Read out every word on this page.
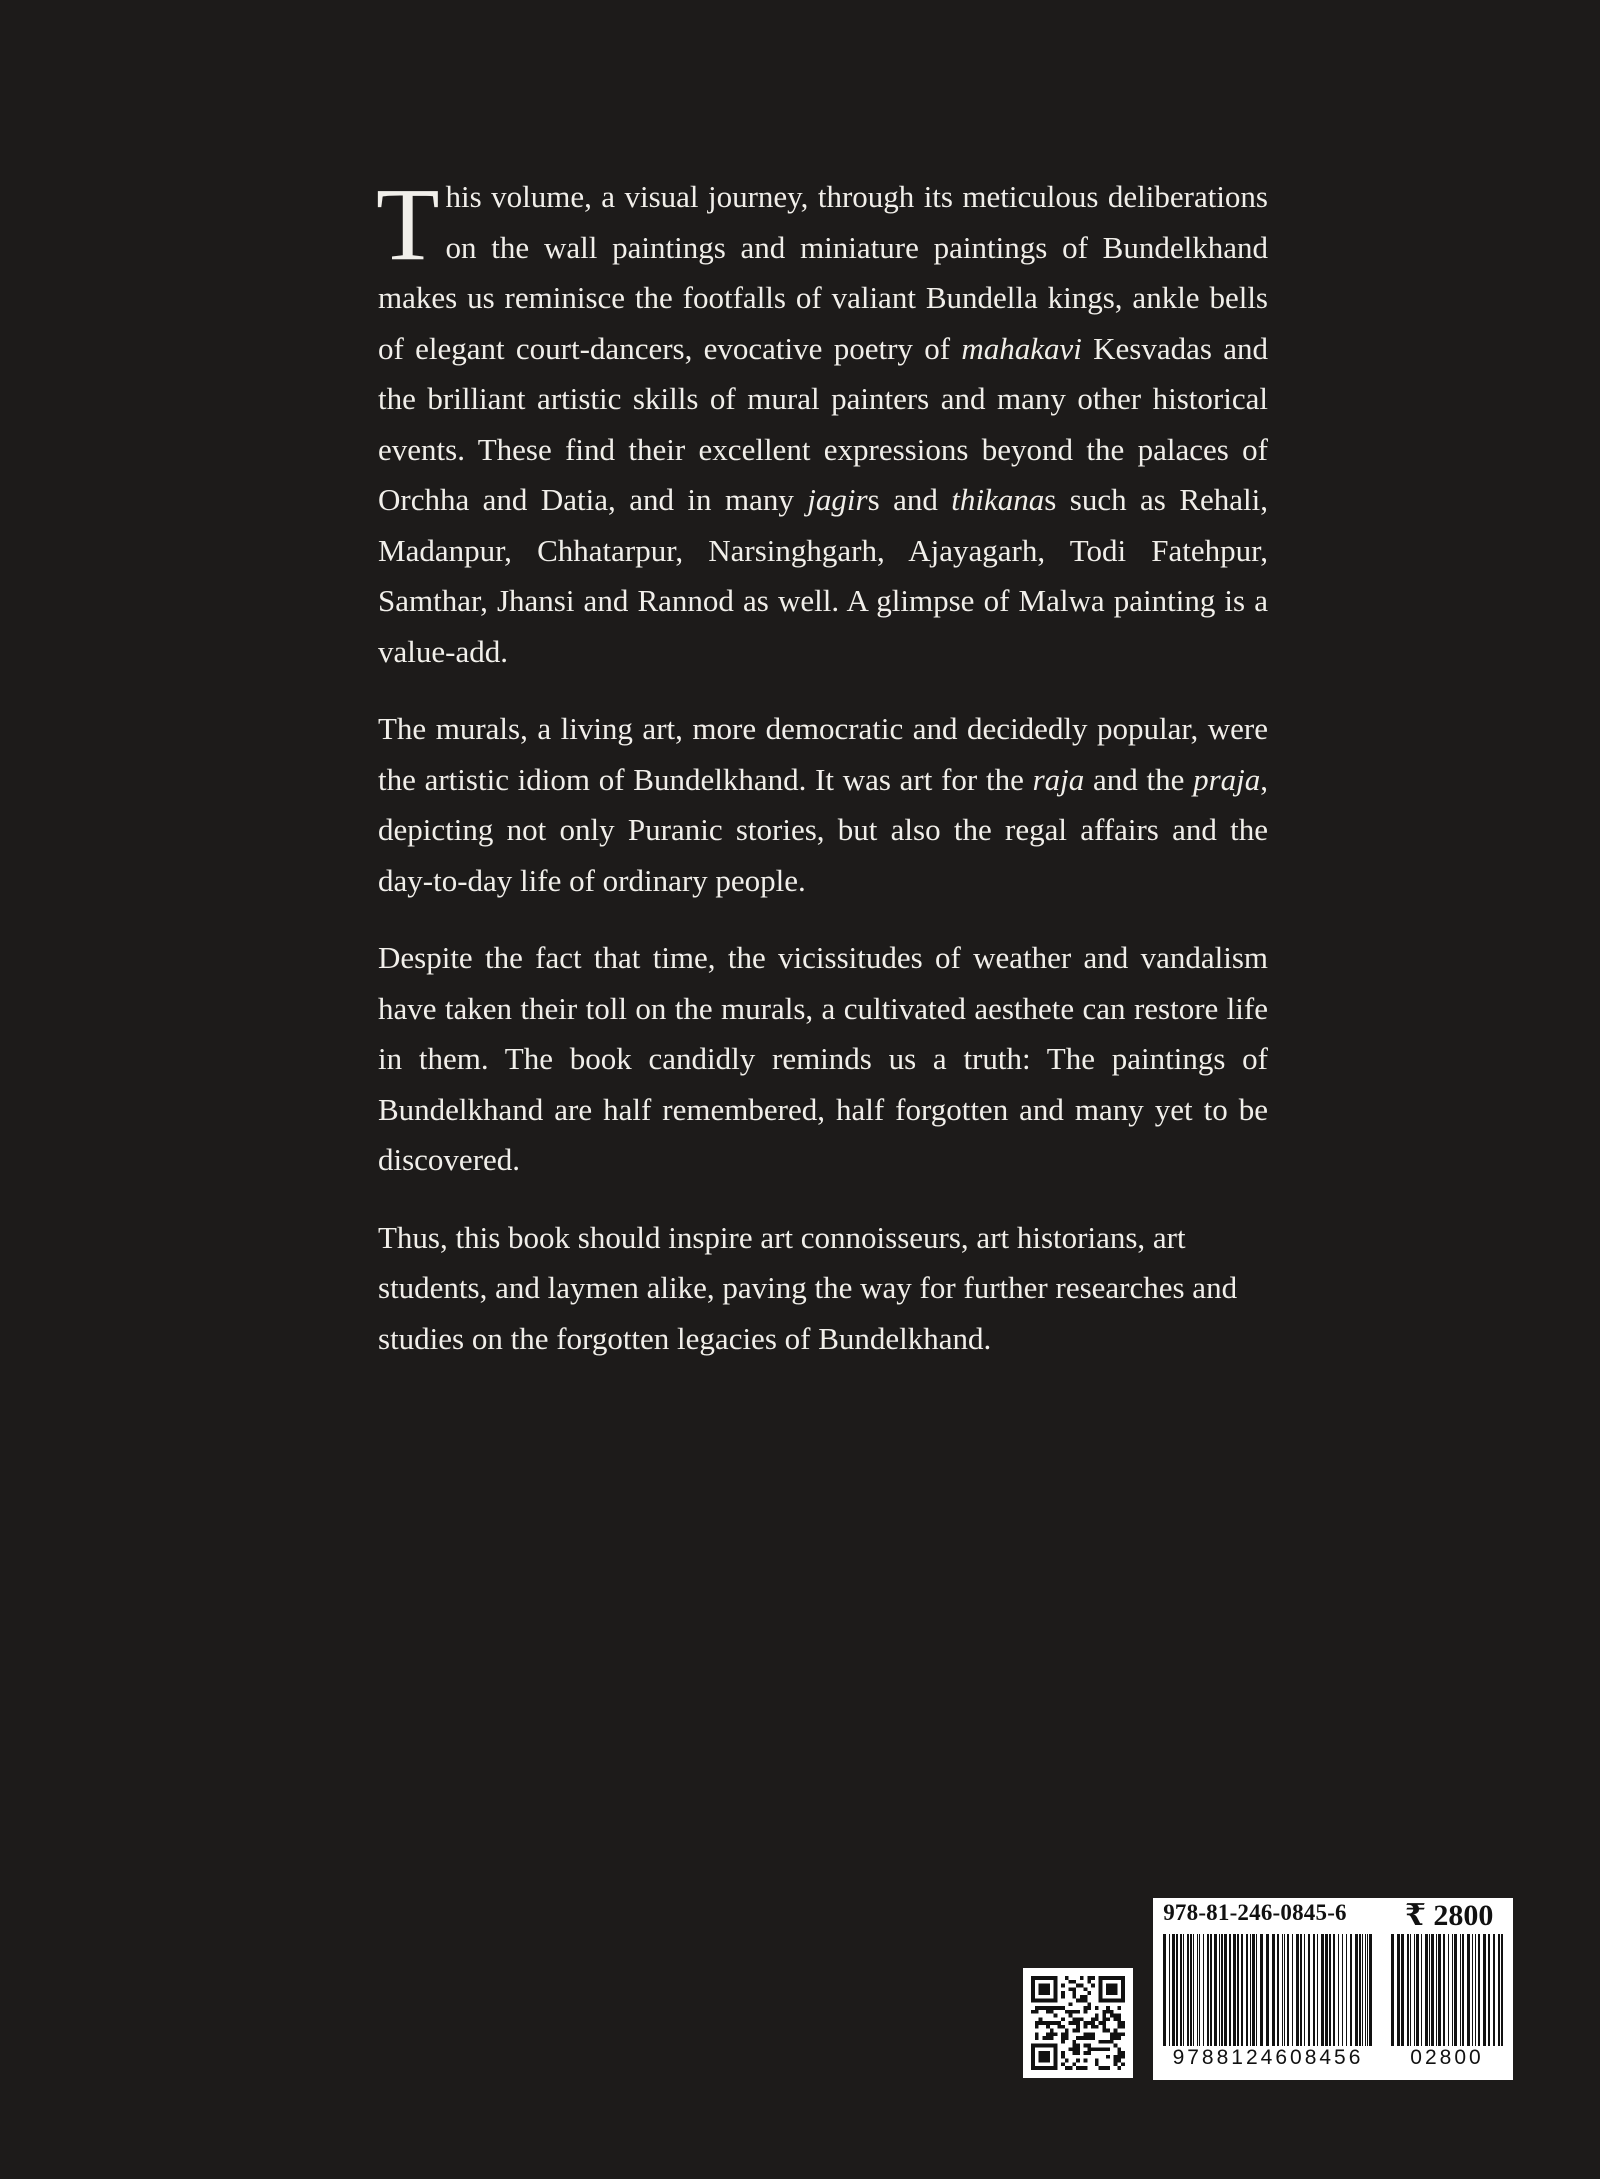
This volume, a visual journey, through its meticulous deliberations on the wall paintings and miniature paintings of Bundelkhand makes us reminisce the footfalls of valiant Bundella kings, ankle bells of elegant court-dancers, evocative poetry of mahakavi Kesvadas and the brilliant artistic skills of mural painters and many other historical events. These find their excellent expressions beyond the palaces of Orchha and Datia, and in many jagirs and thikanas such as Rehali, Madanpur, Chhatarpur, Narsinghgarh, Ajayagarh, Todi Fatehpur, Samthar, Jhansi and Rannod as well. A glimpse of Malwa painting is a value-add.

The murals, a living art, more democratic and decidedly popular, were the artistic idiom of Bundelkhand. It was art for the raja and the praja, depicting not only Puranic stories, but also the regal affairs and the day-to-day life of ordinary people.

Despite the fact that time, the vicissitudes of weather and vandalism have taken their toll on the murals, a cultivated aesthete can restore life in them. The book candidly reminds us a truth: The paintings of Bundelkhand are half remembered, half forgotten and many yet to be discovered.

Thus, this book should inspire art connoisseurs, art historians, art students, and laymen alike, paving the way for further researches and studies on the forgotten legacies of Bundelkhand.

978-81-246-0845-6 ₹ 2800
9788124608456	02800
